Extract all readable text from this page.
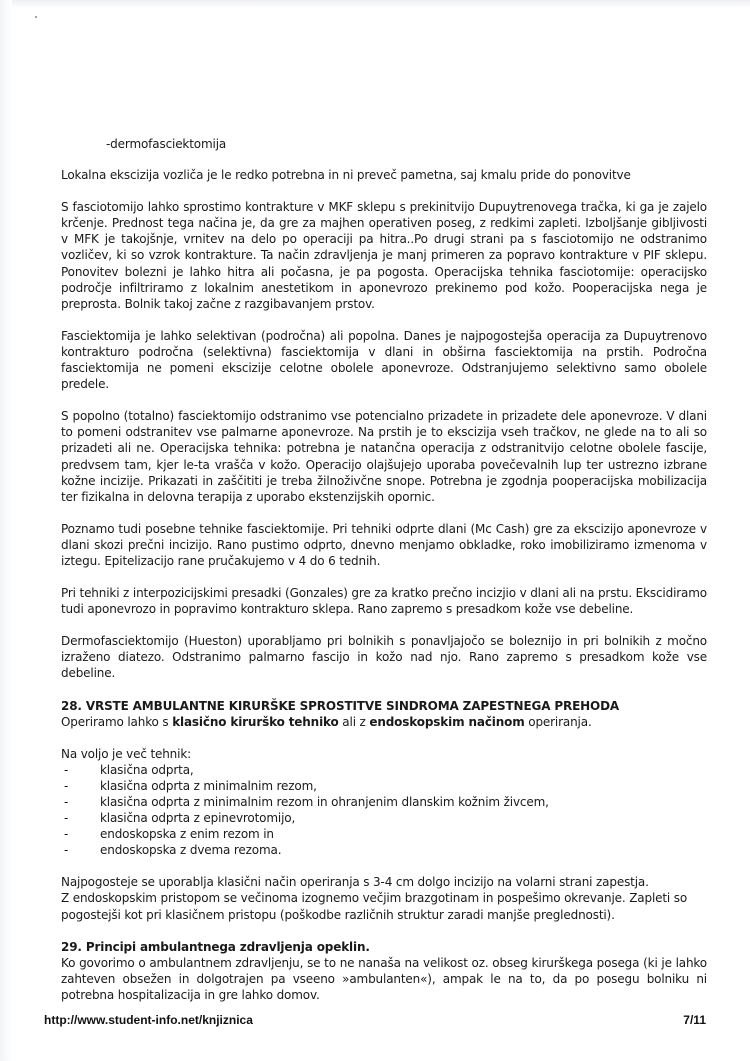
-dermofasciektomija

Lokalna ekscizija vozliča je le redko potrebna in ni preveč pametna, saj kmalu pride do ponovitve

S fasciotomijo lahko sprostimo kontrakture v MKF sklepu s prekinitvijo Dupuytrenovega tračka, ki ga je zajelo krčenje. Prednost tega načina je, da gre za majhen operativen poseg, z redkimi zapleti. Izboljšanje gibljivosti v MFK je takojšnje, vrnitev na delo po operaciji pa hitra..Po drugi strani pa s fasciotomijo ne odstranimo vozličev, ki so vzrok kontrakture. Ta način zdravljenja je manj primeren za popravo kontrakture v PIF sklepu. Ponovitev bolezni je lahko hitra ali počasna, je pa pogosta. Operacijska tehnika fasciotomije: operacijsko področje infiltriramo z lokalnim anestetikom in aponevrozo prekinemo pod kožo. Pooperacijska nega je preprosta. Bolnik takoj začne z razgibavanjem prstov.

Fasciektomija je lahko selektivan (področna) ali popolna. Danes je najpogostejša operacija za Dupuytrenovo kontrakturo področna (selektivna) fasciektomija v dlani in obširna fasciektomija na prstih. Področna fasciektomija ne pomeni ekscizije celotne obolele aponevroze. Odstranjujemo selektivno samo obolele predele.

S popolno (totalno) fasciektomijo odstranimo vse potencialno prizadete in prizadete dele aponevroze. V dlani to pomeni odstranitev vse palmarne aponevroze. Na prstih je to ekscizija vseh tračkov, ne glede na to ali so prizadeti ali ne. Operacijska tehnika: potrebna je natančna operacija z odstranitvijo celotne obolele fascije, predvsem tam, kjer le-ta vrašča v kožo. Operacijo olajšujejo uporaba povečevalnih lup ter ustrezno izbrane kožne incizije. Prikazati in zaščititi je treba žilnoživčne snope. Potrebna je zgodnja pooperacijska mobilizacija ter fizikalna in delovna terapija z uporabo ekstenzijskih opornic.

Poznamo tudi posebne tehnike fasciektomije. Pri tehniki odprte dlani (Mc Cash) gre za ekscizijo aponevroze v dlani skozi prečni incizijo. Rano pustimo odprto, dnevno menjamo obkladke, roko imobiliziramo izmenoma v iztegu. Epitelizacijo rane pručakujemo v 4 do 6 tednih.

Pri tehniki z interpozicijskimi presadki (Gonzales) gre za kratko prečno incizjio v dlani ali na prstu. Ekscidiramo tudi aponevrozo in popravimo kontrakturo sklepa. Rano zapremo s presadkom kože vse debeline.

Dermofasciektomijo (Hueston) uporabljamo pri bolnikih s ponavljajočo se boleznijo in pri bolnikih z močno izraženo diatezo. Odstranimo palmarno fascijo in kožo nad njo. Rano zapremo s presadkom kože vse debeline.

28. VRSTE AMBULANTNE KIRURŠKE SPROSTITVE SINDROMA ZAPESTNEGA PREHODA

Operiramo lahko s klasično kirurško tehniko ali z endoskopskim načinom operiranja.

Na voljo je več tehnik:
-	klasična odprta,
-	klasična odprta z minimalnim rezom,
-	klasična odprta z minimalnim rezom in ohranjenim dlanskim kožnim živcem,
-	klasična odprta z epinevrotomijo,
-	endoskopska z enim rezom in
-	endoskopska z dvema rezoma.

Najpogosteje se uporablja klasični način operiranja s 3-4 cm dolgo incizijo na volarni strani zapestja.
Z endoskopskim pristopom se večinoma izognemo večjim brazgotinam in pospešimo okrevanje. Zapleti so pogostejši kot pri klasičnem pristopu (poškodbe različnih struktur zaradi manjše preglednosti).

29. Principi ambulantnega zdravljenja opeklin.

Ko govorimo o ambulantnem zdravljenju, se to ne nanaša na velikost oz. obseg kirurškega posega (ki je lahko zahteven obsežen in dolgotrajen pa vseeno »ambulanten«), ampak le na to, da po posegu bolniku ni potrebna hospitalizacija in gre lahko domov.

http://www.student-info.net/knjiznica	7/11
